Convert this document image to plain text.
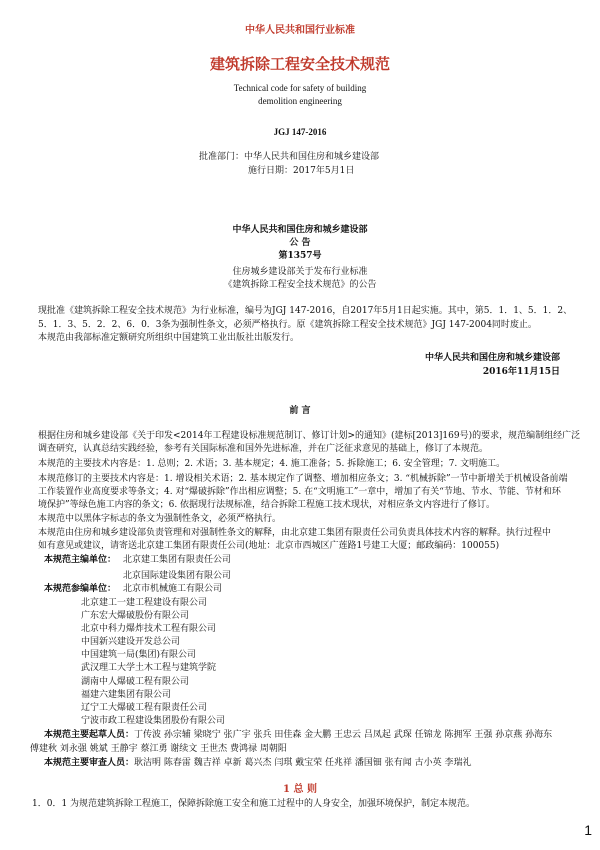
中华人民共和国行业标准
建筑拆除工程安全技术规范
Technical code for safety of building
demolition engineering
JGJ 147-2016
批准部门：中华人民共和国住房和城乡建设部
施行日期：2017年5月1日
中华人民共和国住房和城乡建设部
公 告
第1357号
住房城乡建设部关于发布行业标准
《建筑拆除工程安全技术规范》的公告
现批准《建筑拆除工程安全技术规范》为行业标准，编号为JGJ 147-2016，自2017年5月1日起实施。其中，第5．1．1、5．1．2、
5．1．3、5．2．2、6．0．3条为强制性条文，必须严格执行。原《建筑拆除工程安全技术规范》JGJ 147-2004同时废止。
本规范由我部标准定额研究所组织中国建筑工业出版社出版发行。
中华人民共和国住房和城乡建设部
2016年11月15日
前 言
根据住房和城乡建设部《关于印发<2014年工程建设标准规范制订、修订计划>的通知》(建标[2013]169号)的要求，规范编制组经广泛
调查研究，认真总结实践经验，参考有关国际标准和国外先进标准，并在广泛征求意见的基础上，修订了本规范。
本规范的主要技术内容是：1. 总则；2. 术语；3. 基本规定；4. 施工准备；5. 拆除施工；6. 安全管理；7. 文明施工。
本规范修订的主要技术内容是：1. 增设相关术语；2. 基本规定作了调整、增加相应条文；3. “机械拆除”一节中新增关于机械设备前端
工作装置作业高度要求等条文；4. 对“爆破拆除”作出相应调整；5. 在“文明施工”一章中，增加了有关“节地、节水、节能、节材和环
境保护”等绿色施工内容的条文；6. 依据现行法规标准，结合拆除工程施工技术现状，对相应条文内容进行了修订。
本规范中以黑体字标志的条文为强制性条文，必须严格执行。
本规范由住房和城乡建设部负责管理和对强制性条文的解释，由北京建工集团有限责任公司负责具体技术内容的解释。执行过程中
如有意见或建议，请寄送北京建工集团有限责任公司(地址：北京市西城区广莲路1号建工大厦；邮政编码：100055)
本规范主编单位： 北京建工集团有限责任公司
北京国际建设集团有限公司
本规范参编单位： 北京市机械施工有限公司
北京建工一建工程建设有限公司
广东宏大爆破股份有限公司
北京中科力爆炸技术工程有限公司
中国新兴建设开发总公司
中国建筑一局(集团)有限公司
武汉理工大学土木工程与建筑学院
湖南中人爆破工程有限公司
福建六建集团有限公司
辽宁工大爆破工程有限责任公司
宁波市政工程建设集团股份有限公司
本规范主要起草人员：丁传波 孙宗辅 梁晓宁 张广宇 张兵 田佳森 金大鹏 王忠云 吕凤起 武琛 任锦龙 陈拥军 王强 孙京燕 孙海东
傅建秋 刘永强 姚斌 王静宇 蔡江勇 谢续文 王世杰 费鸿禄 周朝阳
本规范主要审查人员：耿洁明 陈春雷 魏吉祥 卓新 葛兴杰 闫琪 戴宝荣 任兆祥 潘国钿 张有闻 古小英 李瑞礼
1 总 则
1．0．1 为规范建筑拆除工程施工，保障拆除施工安全和施工过程中的人身安全，加强环境保护，制定本规范。
1
